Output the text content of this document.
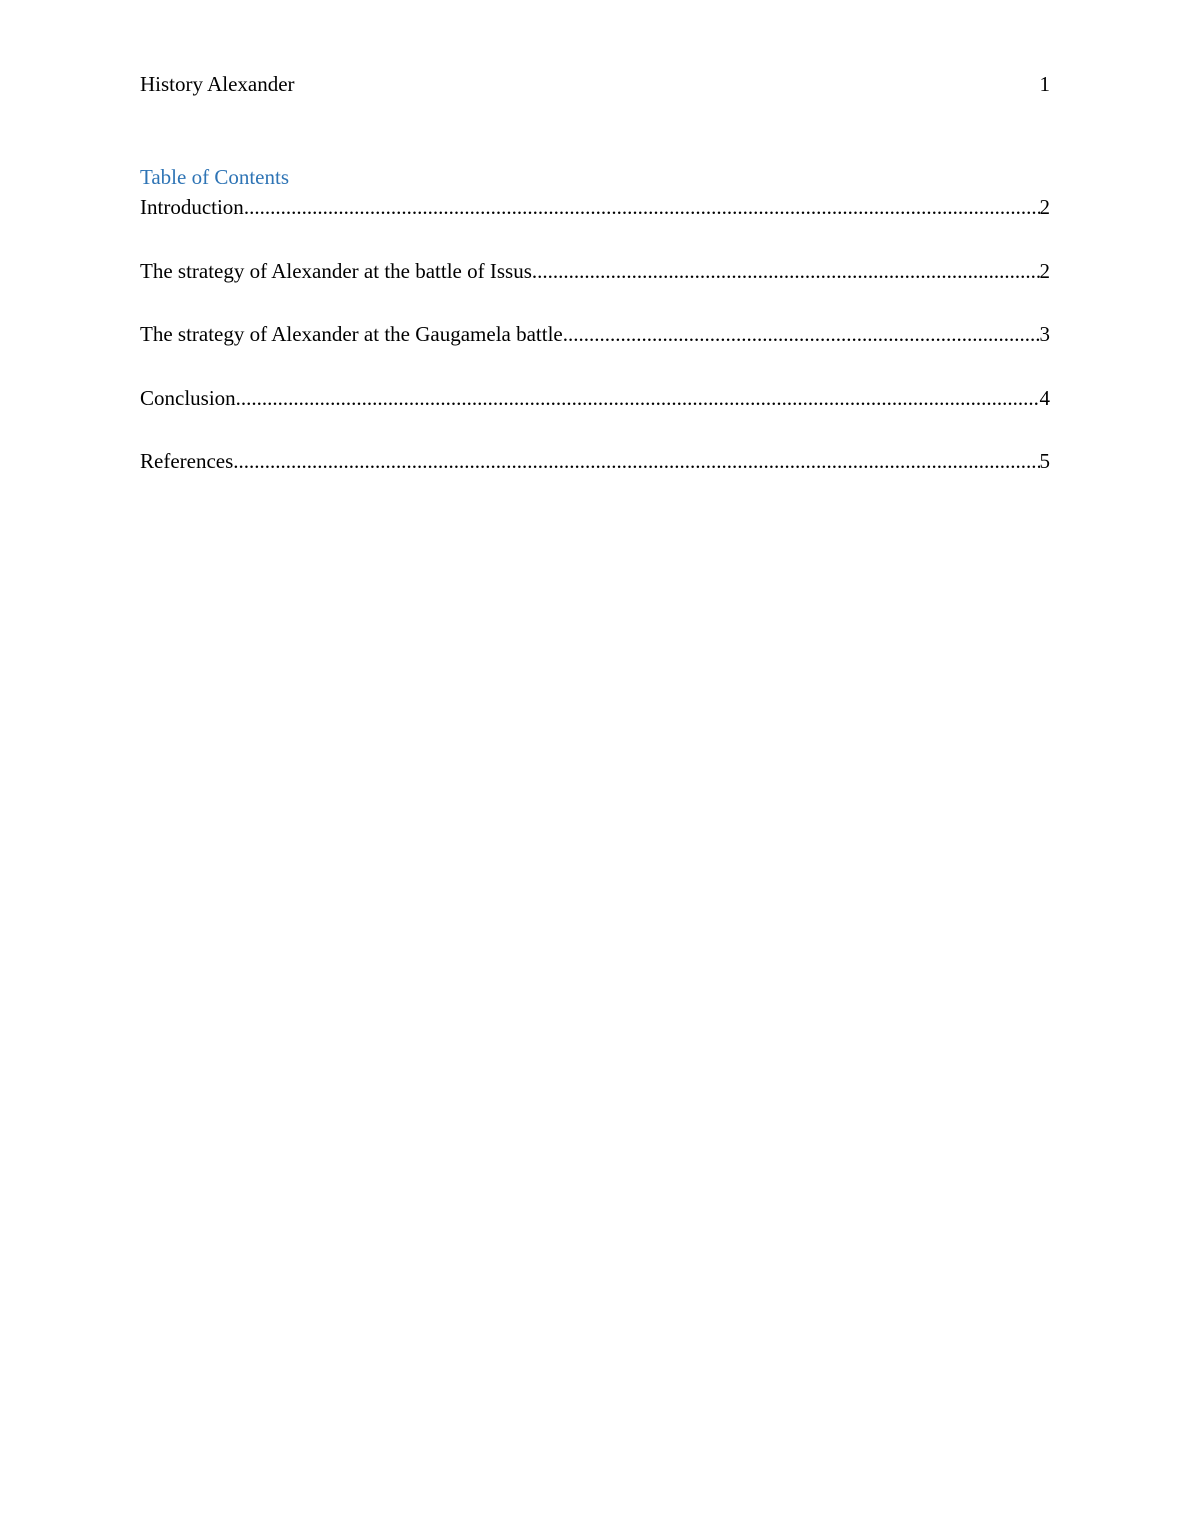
History Alexander	1
Table of Contents
Introduction .....	2
The strategy of Alexander at the battle of Issus .....	2
The strategy of Alexander at the Gaugamela battle .....	3
Conclusion .....	4
References .....	5
